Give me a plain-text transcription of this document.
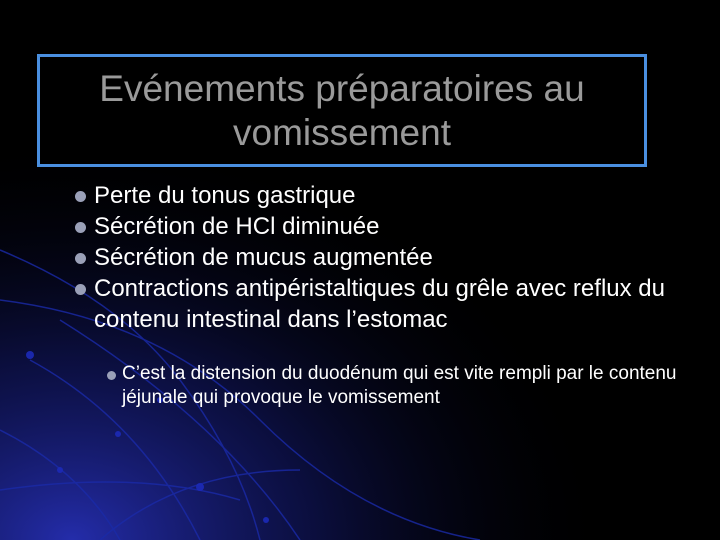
Evénements préparatoires au
vomissement
Perte du tonus gastrique
Sécrétion de HCl diminuée
Sécrétion de mucus augmentée
Contractions antipéristaltiques du grêle avec reflux du contenu intestinal dans l’estomac
C’est la distension du duodénum qui est vite rempli par le contenu jéjunale qui provoque le vomissement
